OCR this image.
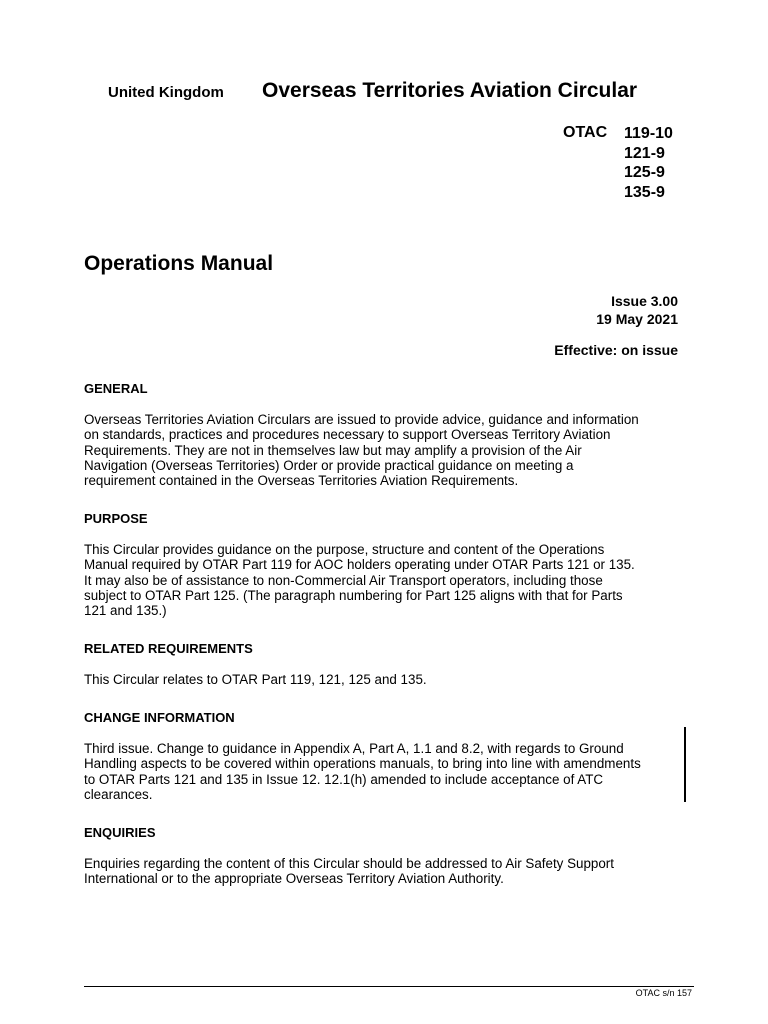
United Kingdom Overseas Territories Aviation Circular
OTAC 119-10
121-9
125-9
135-9
Operations Manual
Issue 3.00
19 May 2021
Effective: on issue
GENERAL
Overseas Territories Aviation Circulars are issued to provide advice, guidance and information
on standards, practices and procedures necessary to support Overseas Territory Aviation
Requirements. They are not in themselves law but may amplify a provision of the Air
Navigation (Overseas Territories) Order or provide practical guidance on meeting a
requirement contained in the Overseas Territories Aviation Requirements.
PURPOSE
This Circular provides guidance on the purpose, structure and content of the Operations
Manual required by OTAR Part 119 for AOC holders operating under OTAR Parts 121 or 135.
It may also be of assistance to non-Commercial Air Transport operators, including those
subject to OTAR Part 125. (The paragraph numbering for Part 125 aligns with that for Parts
121 and 135.)
RELATED REQUIREMENTS
This Circular relates to OTAR Part 119, 121, 125 and 135.
CHANGE INFORMATION
Third issue. Change to guidance in Appendix A, Part A, 1.1 and 8.2, with regards to Ground
Handling aspects to be covered within operations manuals, to bring into line with amendments
to OTAR Parts 121 and 135 in Issue 12. 12.1(h) amended to include acceptance of ATC
clearances.
ENQUIRIES
Enquiries regarding the content of this Circular should be addressed to Air Safety Support
International or to the appropriate Overseas Territory Aviation Authority.
OTAC s/n 157
